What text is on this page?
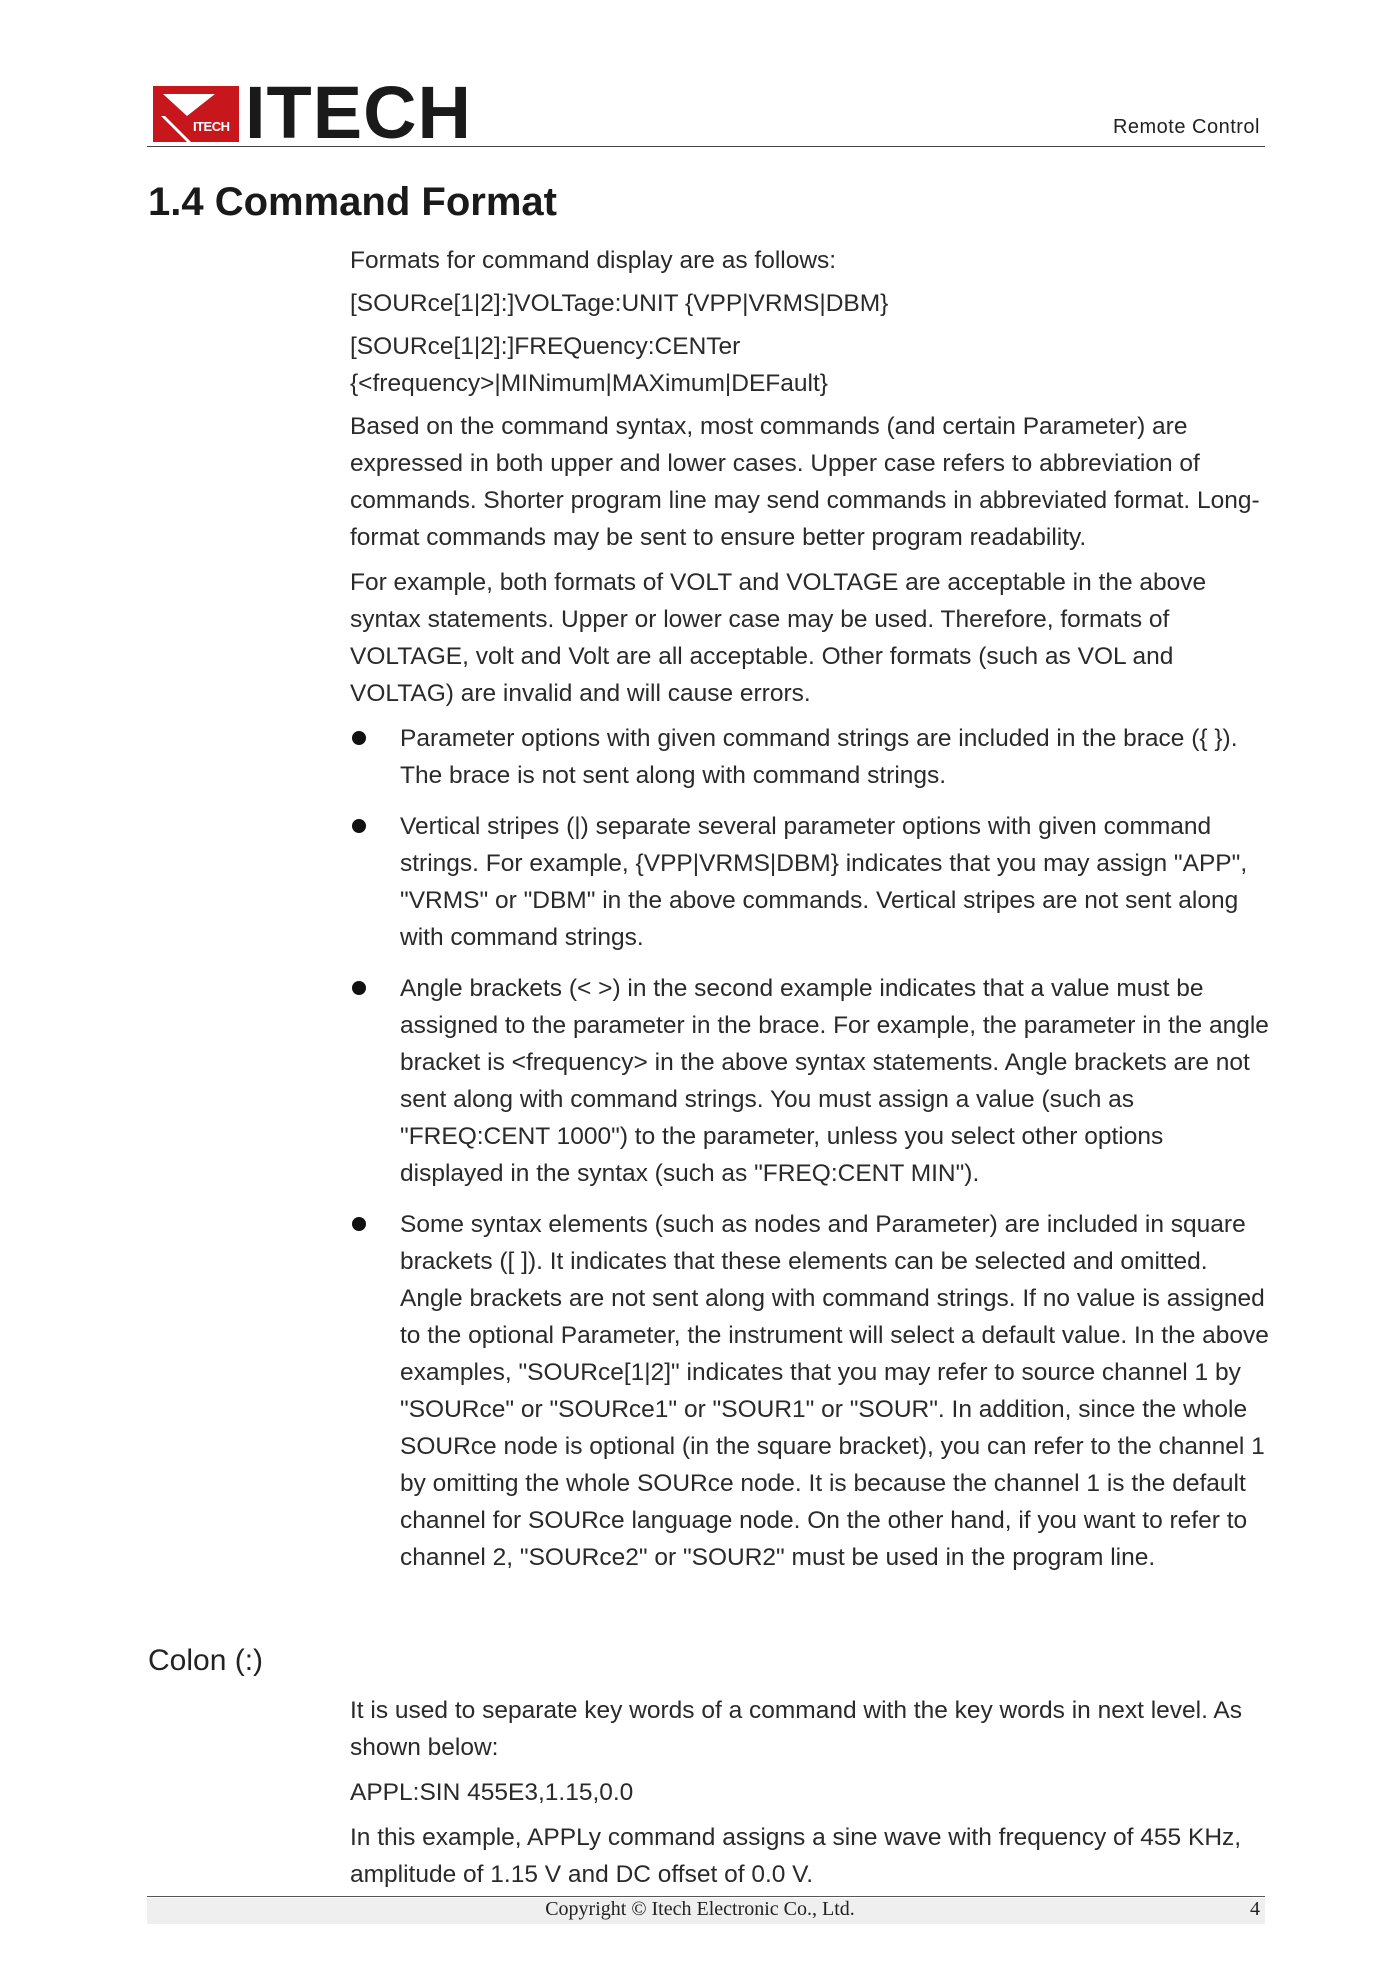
ITECH ITECH	Remote Control
1.4 Command Format

Formats for command display are as follows:

[SOURce[1|2]:]VOLTage:UNIT {VPP|VRMS|DBM}

[SOURce[1|2]:]FREQuency:CENTer
{<frequency>|MINimum|MAXimum|DEFault}

Based on the command syntax, most commands (and certain Parameter) are expressed in both upper and lower cases. Upper case refers to abbreviation of commands. Shorter program line may send commands in abbreviated format. Long-format commands may be sent to ensure better program readability.

For example, both formats of VOLT and VOLTAGE are acceptable in the above syntax statements. Upper or lower case may be used. Therefore, formats of VOLTAGE, volt and Volt are all acceptable. Other formats (such as VOL and VOLTAG) are invalid and will cause errors.

Parameter options with given command strings are included in the brace ({ }). The brace is not sent along with command strings.
Vertical stripes (|) separate several parameter options with given command strings. For example, {VPP|VRMS|DBM} indicates that you may assign "APP", "VRMS" or "DBM" in the above commands. Vertical stripes are not sent along with command strings.
Angle brackets (< >) in the second example indicates that a value must be assigned to the parameter in the brace. For example, the parameter in the angle bracket is <frequency> in the above syntax statements. Angle brackets are not sent along with command strings. You must assign a value (such as "FREQ:CENT 1000") to the parameter, unless you select other options displayed in the syntax (such as "FREQ:CENT MIN").
Some syntax elements (such as nodes and Parameter) are included in square brackets ([ ]). It indicates that these elements can be selected and omitted. Angle brackets are not sent along with command strings. If no value is assigned to the optional Parameter, the instrument will select a default value. In the above examples, "SOURce[1|2]" indicates that you may refer to source channel 1 by "SOURce" or "SOURce1" or "SOUR1" or "SOUR". In addition, since the whole SOURce node is optional (in the square bracket), you can refer to the channel 1 by omitting the whole SOURce node. It is because the channel 1 is the default channel for SOURce language node. On the other hand, if you want to refer to channel 2, "SOURce2" or "SOUR2" must be used in the program line.
Colon (:)

It is used to separate key words of a command with the key words in next level. As shown below:

APPL:SIN 455E3,1.15,0.0

In this example, APPLy command assigns a sine wave with frequency of 455 KHz, amplitude of 1.15 V and DC offset of 0.0 V.

Copyright © Itech Electronic Co., Ltd.	4
